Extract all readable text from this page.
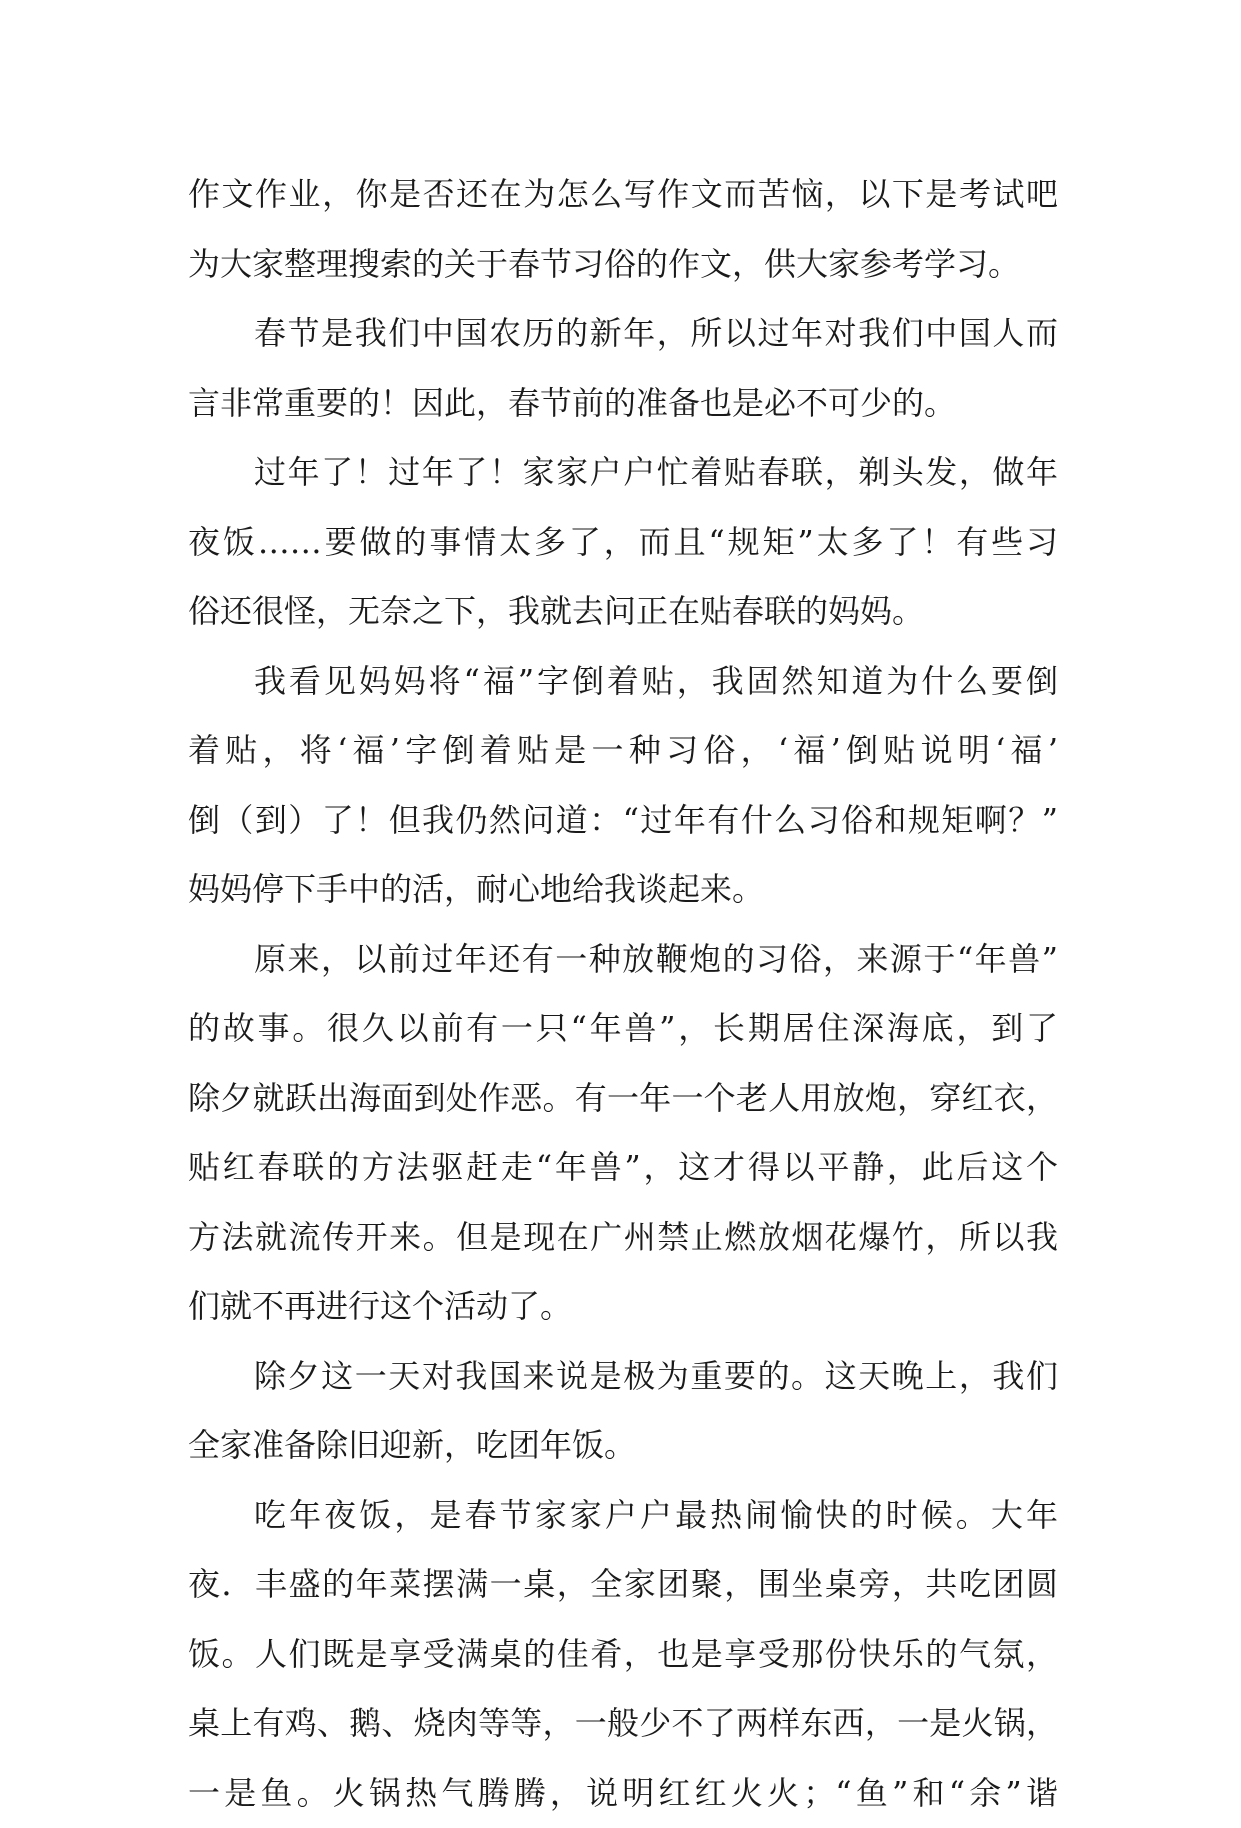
作文作业，你是否还在为怎么写作文而苦恼，以下是考试吧
为大家整理搜索的关于春节习俗的作文，供大家参考学习。
春节是我们中国农历的新年，所以过年对我们中国人而
言非常重要的！因此，春节前的准备也是必不可少的。
过年了！过年了！家家户户忙着贴春联，剃头发，做年
夜饭……要做的事情太多了，而且“规矩”太多了！有些习
俗还很怪，无奈之下，我就去问正在贴春联的妈妈。
我看见妈妈将“福”字倒着贴，我固然知道为什么要倒
着贴，将‘福’字倒着贴是一种习俗，‘福’倒贴说明‘福’
倒（到）了！但我仍然问道：“过年有什么习俗和规矩啊？”
妈妈停下手中的活，耐心地给我谈起来。
原来，以前过年还有一种放鞭炮的习俗，来源于“年兽”
的故事。很久以前有一只“年兽”，长期居住深海底，到了
除夕就跃出海面到处作恶。有一年一个老人用放炮，穿红衣，
贴红春联的方法驱赶走“年兽”，这才得以平静，此后这个
方法就流传开来。但是现在广州禁止燃放烟花爆竹，所以我
们就不再进行这个活动了。
除夕这一天对我国来说是极为重要的。这天晚上，我们
全家准备除旧迎新，吃团年饭。
吃年夜饭，是春节家家户户最热闹愉快的时候。大年
夜．丰盛的年菜摆满一桌，全家团聚，围坐桌旁，共吃团圆
饭。人们既是享受满桌的佳肴，也是享受那份快乐的气氛，
桌上有鸡、鹅、烧肉等等，一般少不了两样东西，一是火锅，
一是鱼。火锅热气腾腾，说明红红火火；“鱼”和“余”谐
